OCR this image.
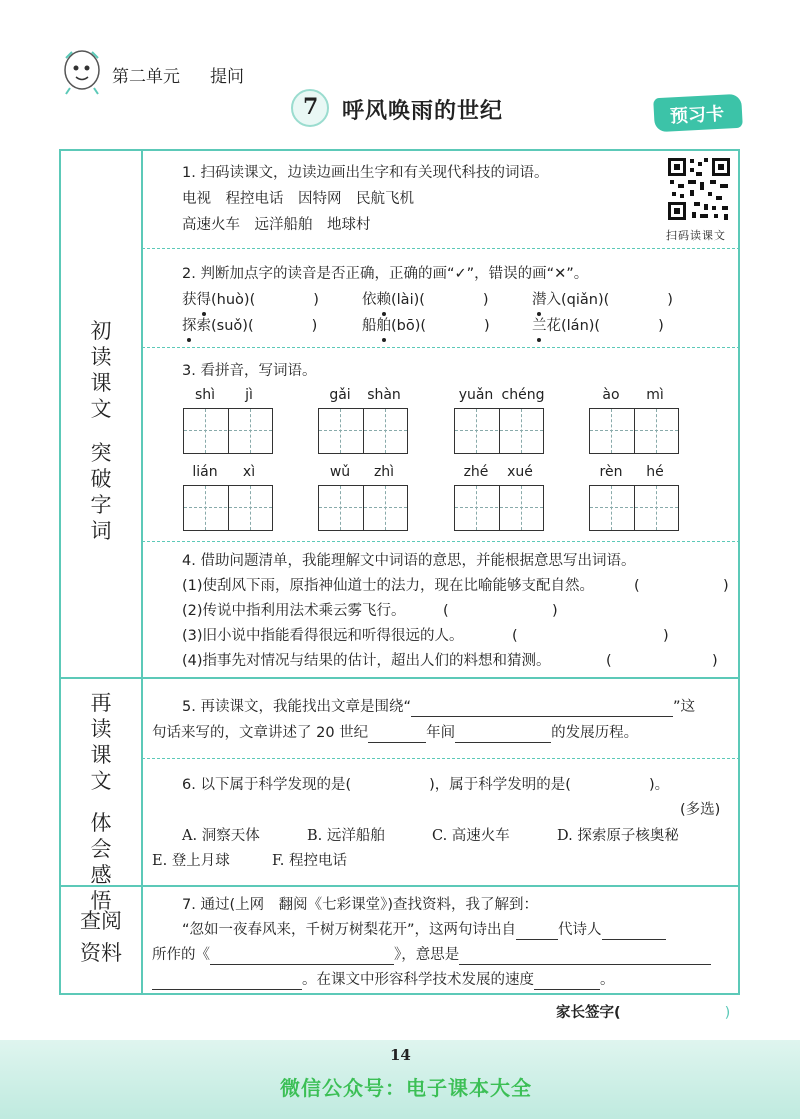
第二单元 提问
7 呼风唤雨的世纪	预习卡
初
读
课
文
突
破
字
词
再
读
课
文
体
会
感
悟
查阅
资料
1. 扫码读课文，边读边画出生字和有关现代科技的词语。
电视　程控电话　因特网　民航飞机
高速火车　远洋船舶　地球村
扫码读课文
2. 判断加点字的读音是否正确，正确的画“✓”，错误的画“✕”。
获得(huò)(　　　　)	依赖(lài)(　　　　)	潜入(qiǎn)(　　　　)
探索(suǒ)(　　　　)	船舶(bō)(　　　　)	兰花(lán)(　　　　)
3. 看拼音，写词语。
shì	jì	gǎi	shàn	yuǎn chéng	ào	mì
lián	xì	wǔ	zhì	zhé	xué	rèn	hé
4. 借助问题清单，我能理解文中词语的意思，并能根据意思写出词语。
(1)使刮风下雨，原指神仙道士的法力，现在比喻能够支配自然。	(	)
(2)传说中指利用法术乘云雾飞行。	(	)
(3)旧小说中指能看得很远和听得很远的人。	(	)
(4)指事先对情况与结果的估计，超出人们的料想和猜测。	(	)
5. 再读课文，我能找出文章是围绕“	”这
句话来写的，文章讲述了 20 世纪	年间	的发展历程。
6. 以下属于科学发现的是(	)，属于科学发明的是(	)。
(多选)
A. 洞察天体	B. 远洋船舶	C. 高速火车	D. 探索原子核奥秘
E. 登上月球	F. 程控电话
7. 通过(上网　翻阅《七彩课堂》)查找资料，我了解到：
“忽如一夜春风来，千树万树梨花开”，这两句诗出自	代诗人
所作的《	》，意思是
。在课文中形容科学技术发展的速度	。
家长签字(	)
14
微信公众号：电子课本大全
